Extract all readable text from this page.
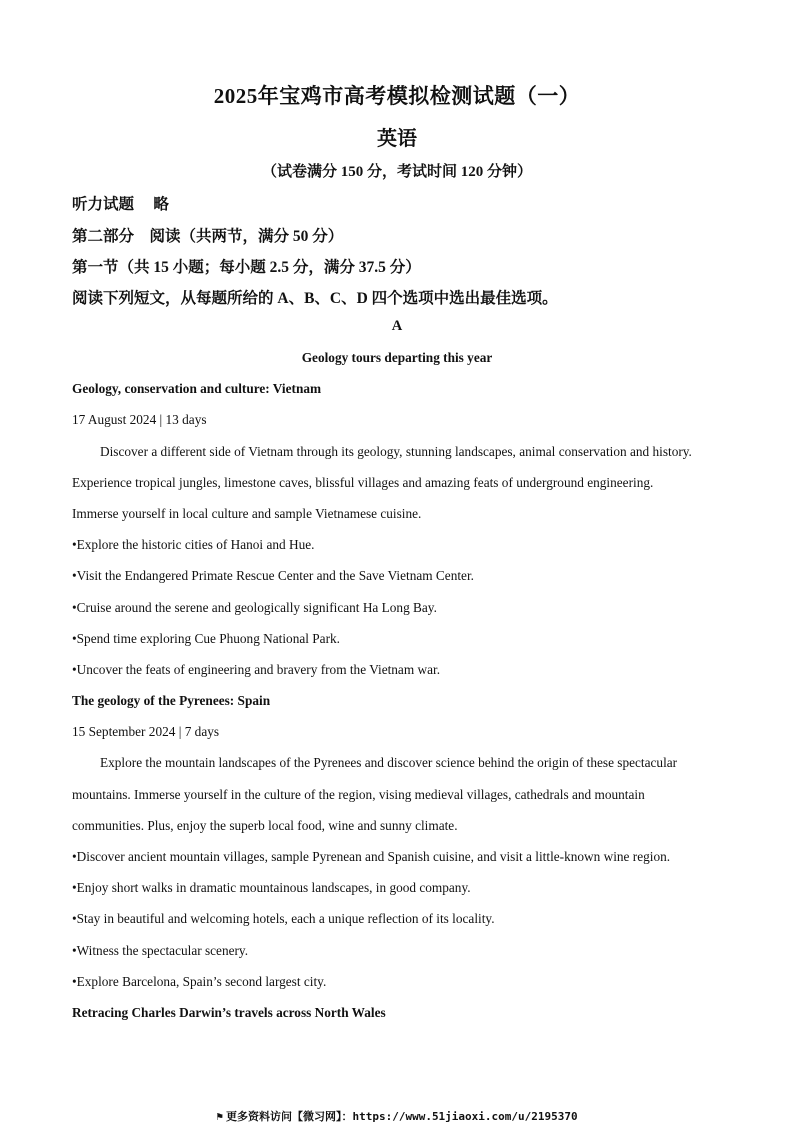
2025年宝鸡市高考模拟检测试题（一）
英语
（试卷满分 150 分，考试时间 120 分钟）
听力试题　 略
第二部分　阅读（共两节，满分 50 分）
第一节（共 15 小题；每小题 2.5 分，满分 37.5 分）
阅读下列短文，从每题所给的 A、B、C、D 四个选项中选出最佳选项。
A
Geology tours departing this year
Geology, conservation and culture: Vietnam
17 August 2024 | 13 days
Discover a different side of Vietnam through its geology, stunning landscapes, animal conservation and history.
Experience tropical jungles, limestone caves, blissful villages and amazing feats of underground engineering.
Immerse yourself in local culture and sample Vietnamese cuisine.
•Explore the historic cities of Hanoi and Hue.
•Visit the Endangered Primate Rescue Center and the Save Vietnam Center.
•Cruise around the serene and geologically significant Ha Long Bay.
•Spend time exploring Cue Phuong National Park.
•Uncover the feats of engineering and bravery from the Vietnam war.
The geology of the Pyrenees: Spain
15 September 2024 | 7 days
Explore the mountain landscapes of the Pyrenees and discover science behind the origin of these spectacular
mountains. Immerse yourself in the culture of the region, vising medieval villages, cathedrals and mountain
communities. Plus, enjoy the superb local food, wine and sunny climate.
•Discover ancient mountain villages, sample Pyrenean and Spanish cuisine, and visit a little-known wine region.
•Enjoy short walks in dramatic mountainous landscapes, in good company.
•Stay in beautiful and welcoming hotels, each a unique reflection of its locality.
•Witness the spectacular scenery.
•Explore Barcelona, Spain’s second largest city.
Retracing Charles Darwin’s travels across North Wales
⚑ 更多资料访问【微习网】：https://www.51jiaoxi.com/u/2195370
